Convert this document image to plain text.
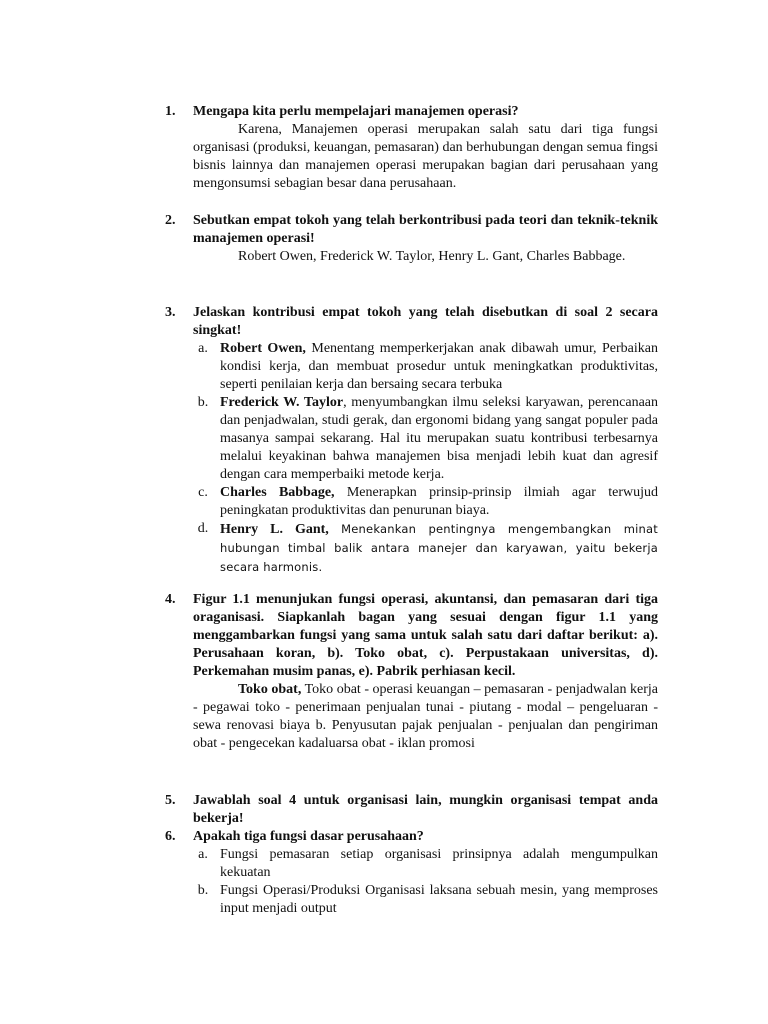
1. Mengapa kita perlu mempelajari manajemen operasi?

Karena, Manajemen operasi merupakan salah satu dari tiga fungsi organisasi (produksi, keuangan, pemasaran) dan berhubungan dengan semua fingsi bisnis lainnya dan manajemen operasi merupakan bagian dari perusahaan yang mengonsumsi sebagian besar dana perusahaan.

2. Sebutkan empat tokoh yang telah berkontribusi pada teori dan teknik-teknik manajemen operasi!

Robert Owen, Frederick W. Taylor, Henry L. Gant, Charles Babbage.

3. Jelaskan kontribusi empat tokoh yang telah disebutkan di soal 2 secara singkat!
a. Robert Owen, Menentang memperkerjakan anak dibawah umur, Perbaikan kondisi kerja, dan membuat prosedur untuk meningkatkan produktivitas, seperti penilaian kerja dan bersaing secara terbuka
b. Frederick W. Taylor, menyumbangkan ilmu seleksi karyawan, perencanaan dan penjadwalan, studi gerak, dan ergonomi bidang yang sangat populer pada masanya sampai sekarang. Hal itu merupakan suatu kontribusi terbesarnya melalui keyakinan bahwa manajemen bisa menjadi lebih kuat dan agresif dengan cara memperbaiki metode kerja.
c. Charles Babbage, Menerapkan prinsip-prinsip ilmiah agar terwujud peningkatan produktivitas dan penurunan biaya.
d. Henry L. Gant, Menekankan pentingnya mengembangkan minat hubungan timbal balik antara manejer dan karyawan, yaitu bekerja secara harmonis.
4. Figur 1.1 menunjukan fungsi operasi, akuntansi, dan pemasaran dari tiga oraganisasi. Siapkanlah bagan yang sesuai dengan figur 1.1 yang menggambarkan fungsi yang sama untuk salah satu dari daftar berikut: a). Perusahaan koran, b). Toko obat, c). Perpustakaan universitas, d). Perkemahan musim panas, e). Pabrik perhiasan kecil.

Toko obat, Toko obat - operasi keuangan – pemasaran - penjadwalan kerja - pegawai toko - penerimaan penjualan tunai - piutang - modal – pengeluaran - sewa renovasi biaya b. Penyusutan pajak penjualan - penjualan dan pengiriman obat - pengecekan kadaluarsa obat - iklan promosi

5. Jawablah soal 4 untuk organisasi lain, mungkin organisasi tempat anda bekerja!
6. Apakah tiga fungsi dasar perusahaan?
a. Fungsi pemasaran setiap organisasi prinsipnya adalah mengumpulkan kekuatan
b. Fungsi Operasi/Produksi Organisasi laksana sebuah mesin, yang memproses input menjadi output
